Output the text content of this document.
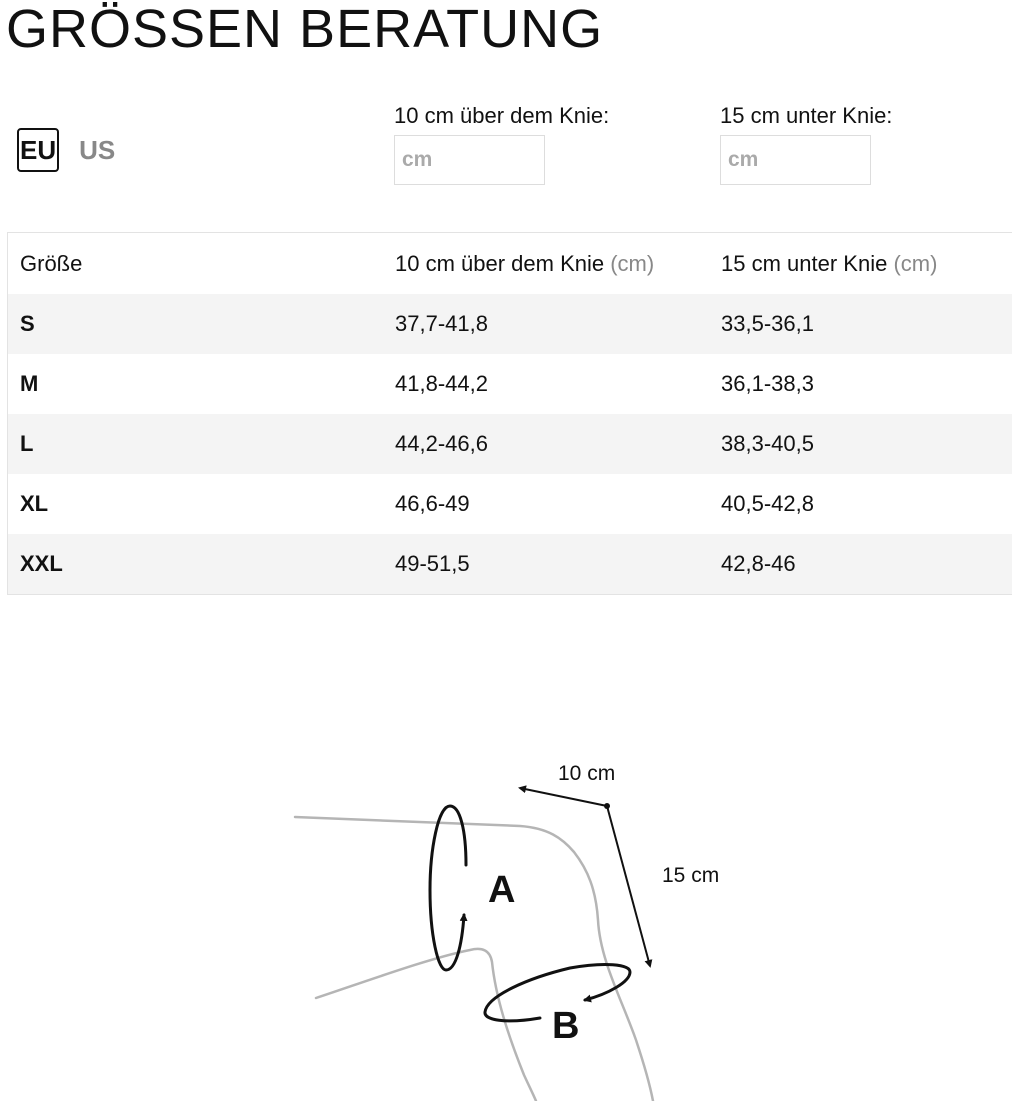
GRÖSSEN BERATUNG
EU US
10 cm über dem Knie:
cm	15 cm unter Knie:
cm
Größe	10 cm über dem Knie (cm)	15 cm unter Knie (cm)
S	37,7-41,8	33,5-36,1
M	41,8-44,2	36,1-38,3
L	44,2-46,6	38,3-40,5
XL	46,6-49	40,5-42,8
XXL	49-51,5	42,8-46
A
B
10 cm
15 cm
